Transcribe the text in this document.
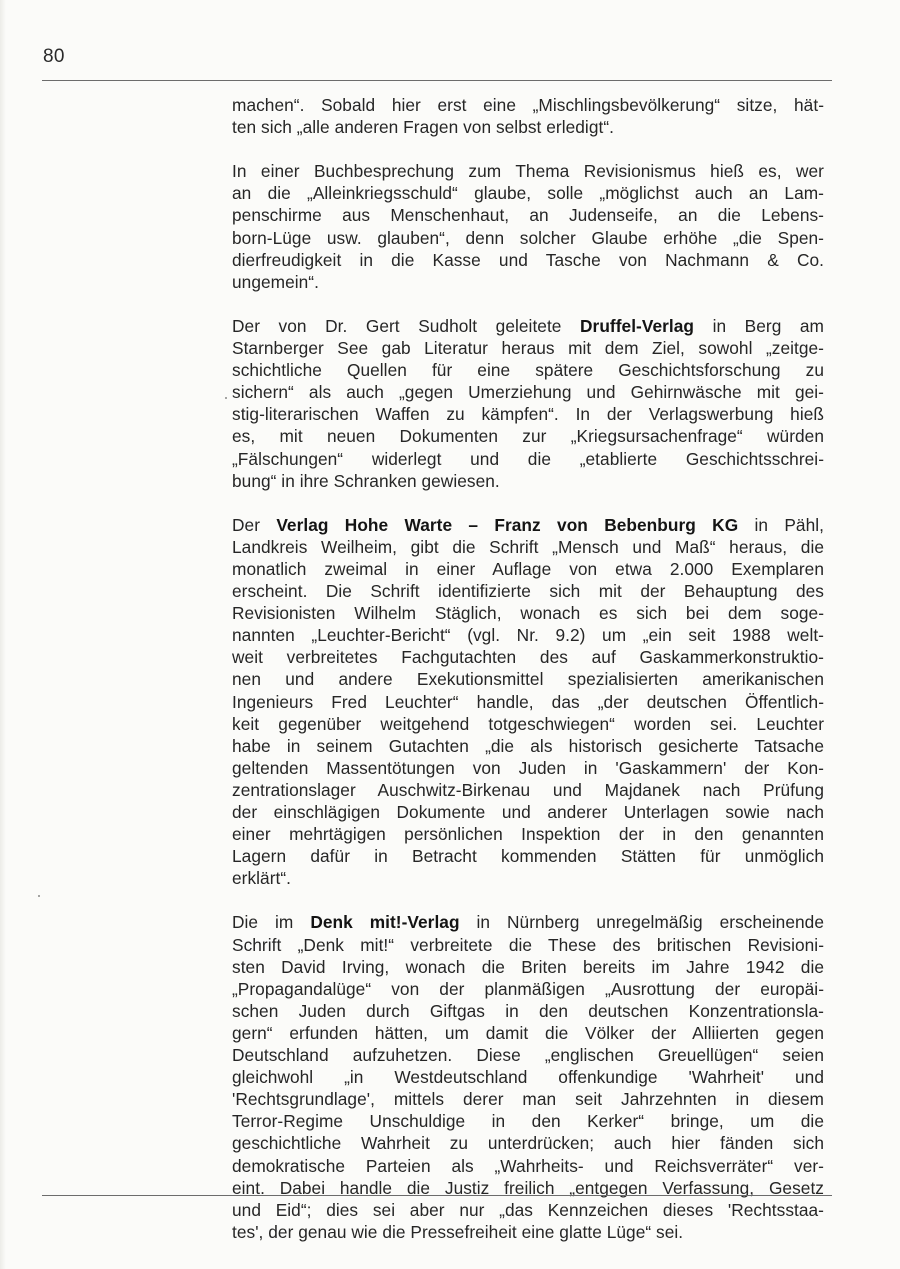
80
machen“. Sobald hier erst eine „Mischlingsbevölkerung“ sitze, hät-
ten sich „alle anderen Fragen von selbst erledigt“.
In einer Buchbesprechung zum Thema Revisionismus hieß es, wer
an die „Alleinkriegsschuld“ glaube, solle „möglichst auch an Lam-
penschirme aus Menschenhaut, an Judenseife, an die Lebens-
born-Lüge usw. glauben“, denn solcher Glaube erhöhe „die Spen-
dierfreudigkeit in die Kasse und Tasche von Nachmann & Co.
ungemein“.
Der von Dr. Gert Sudholt geleitete Druffel-Verlag in Berg am
Starnberger See gab Literatur heraus mit dem Ziel, sowohl „zeitge-
schichtliche Quellen für eine spätere Geschichtsforschung zu
sichern“ als auch „gegen Umerziehung und Gehirnwäsche mit gei-
stig-literarischen Waffen zu kämpfen“. In der Verlagswerbung hieß
es, mit neuen Dokumenten zur „Kriegsursachenfrage“ würden
„Fälschungen“ widerlegt und die „etablierte Geschichtsschrei-
bung“ in ihre Schranken gewiesen.
Der Verlag Hohe Warte – Franz von Bebenburg KG in Pähl,
Landkreis Weilheim, gibt die Schrift „Mensch und Maß“ heraus, die
monatlich zweimal in einer Auflage von etwa 2.000 Exemplaren
erscheint. Die Schrift identifizierte sich mit der Behauptung des
Revisionisten Wilhelm Stäglich, wonach es sich bei dem soge-
nannten „Leuchter-Bericht“ (vgl. Nr. 9.2) um „ein seit 1988 welt-
weit verbreitetes Fachgutachten des auf Gaskammerkonstruktio-
nen und andere Exekutionsmittel spezialisierten amerikanischen
Ingenieurs Fred Leuchter“ handle, das „der deutschen Öffentlich-
keit gegenüber weitgehend totgeschwiegen“ worden sei. Leuchter
habe in seinem Gutachten „die als historisch gesicherte Tatsache
geltenden Massentötungen von Juden in 'Gaskammern' der Kon-
zentrationslager Auschwitz-Birkenau und Majdanek nach Prüfung
der einschlägigen Dokumente und anderer Unterlagen sowie nach
einer mehrtägigen persönlichen Inspektion der in den genannten
Lagern dafür in Betracht kommenden Stätten für unmöglich
erklärt“.
Die im Denk mit!-Verlag in Nürnberg unregelmäßig erscheinende
Schrift „Denk mit!“ verbreitete die These des britischen Revisioni-
sten David Irving, wonach die Briten bereits im Jahre 1942 die
„Propagandalüge“ von der planmäßigen „Ausrottung der europäi-
schen Juden durch Giftgas in den deutschen Konzentrationsla-
gern“ erfunden hätten, um damit die Völker der Alliierten gegen
Deutschland aufzuhetzen. Diese „englischen Greuellügen“ seien
gleichwohl „in Westdeutschland offenkundige 'Wahrheit' und
'Rechtsgrundlage', mittels derer man seit Jahrzehnten in diesem
Terror-Regime Unschuldige in den Kerker“ bringe, um die
geschichtliche Wahrheit zu unterdrücken; auch hier fänden sich
demokratische Parteien als „Wahrheits- und Reichsverräter“ ver-
eint. Dabei handle die Justiz freilich „entgegen Verfassung, Gesetz
und Eid“; dies sei aber nur „das Kennzeichen dieses 'Rechtsstaa-
tes', der genau wie die Pressefreiheit eine glatte Lüge“ sei.
